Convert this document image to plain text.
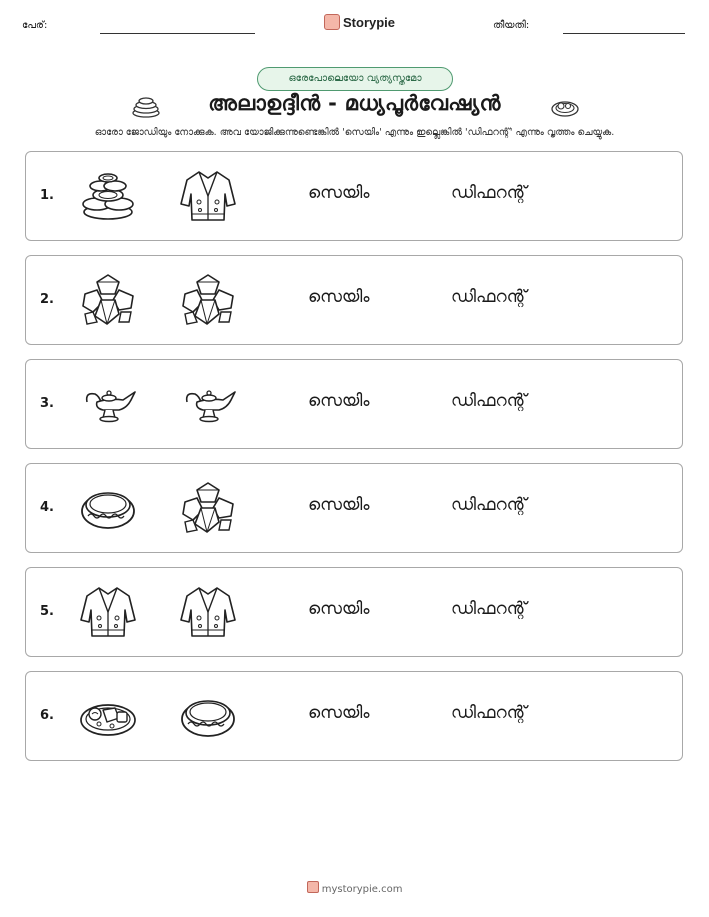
പേര്:	Storypie	തീയതി:
ഒരേപോലെയോ വ്യത്യസ്തമോ
അലാഉദ്ദീൻ - മധ്യപൂർവേഷ്യൻ
ഓരോ ജോഡിയും നോക്കുക. അവ യോജിക്കുന്നുണ്ടെങ്കിൽ 'സെയിം' എന്നും ഇല്ലെങ്കിൽ 'ഡിഫറന്റ്' എന്നും വൃത്തം ചെയ്യുക.
1.	സെയിം	ഡിഫറന്റ്
2.	സെയിം	ഡിഫറന്റ്
3.	സെയിം	ഡിഫറന്റ്
4.	സെയിം	ഡിഫറന്റ്
5.	സെയിം	ഡിഫറന്റ്
6.	സെയിം	ഡിഫറന്റ്
mystorypie.com
